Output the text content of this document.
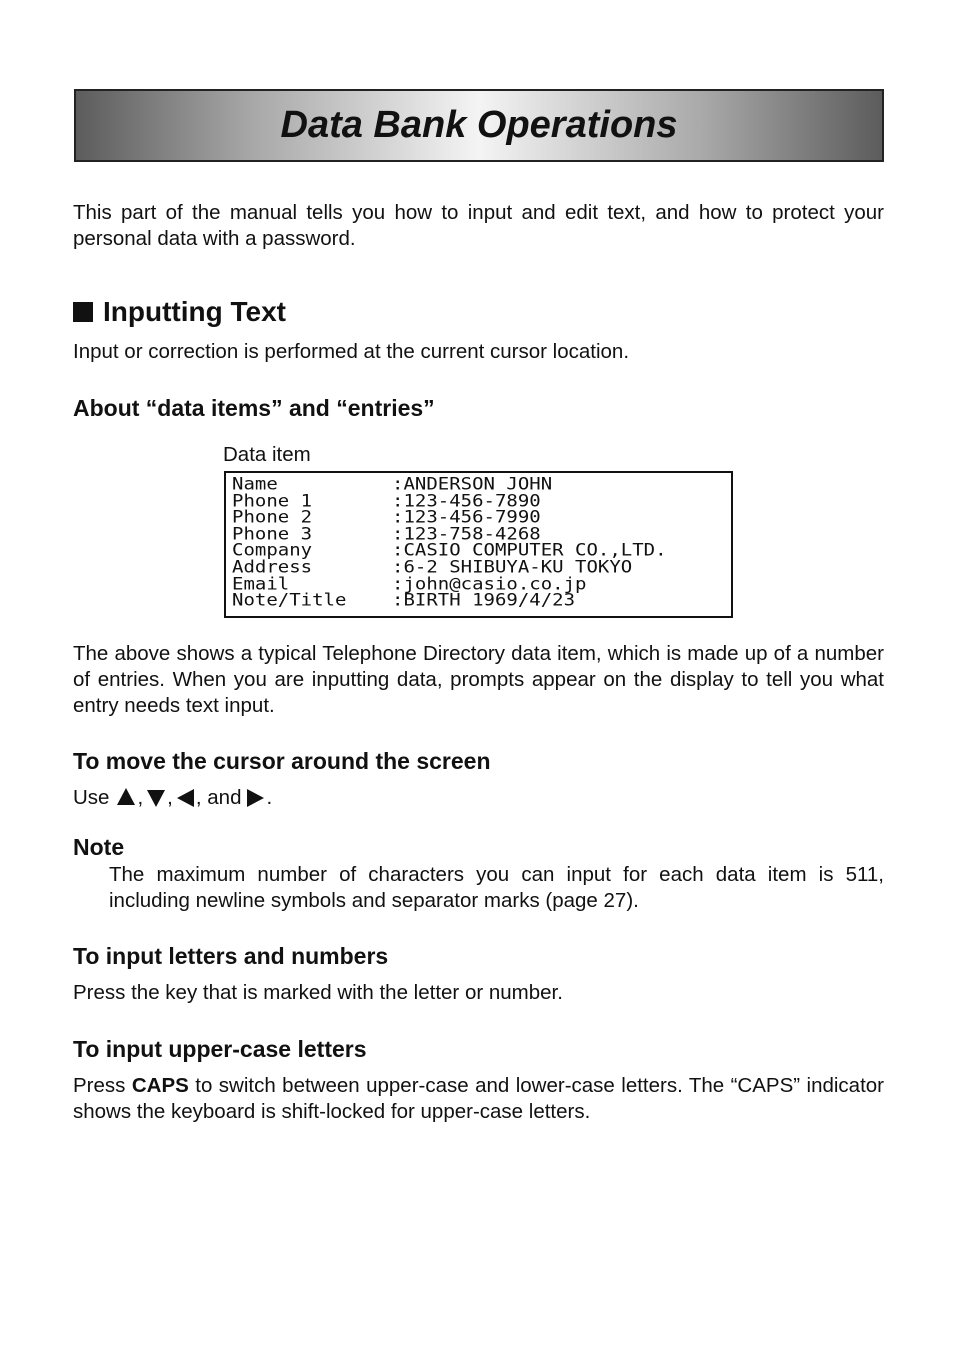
Data Bank Operations
This part of the manual tells you how to input and edit text, and how to protect your personal data with a password.
Inputting Text
Input or correction is performed at the current cursor location.
About “data items” and “entries”
Data item
Name	:ANDERSON JOHN
Phone 1	:123-456-7890
Phone 2	:123-456-7990
Phone 3	:123-758-4268
Company	:CASIO COMPUTER CO.,LTD.
Address	:6-2 SHIBUYA-KU TOKYO
Email	:john@casio.co.jp
Note/Title	:BIRTH 1969/4/23
The above shows a typical Telephone Directory data item, which is made up of a number of entries. When you are inputting data, prompts appear on the display to tell you what entry needs text input.
To move the cursor around the screen
Use , , , and .
Note
The maximum number of characters you can input for each data item is 511, including newline symbols and separator marks (page 27).
To input letters and numbers
Press the key that is marked with the letter or number.
To input upper-case letters
Press CAPS to switch between upper-case and lower-case letters. The “CAPS” indicator shows the keyboard is shift-locked for upper-case letters.
